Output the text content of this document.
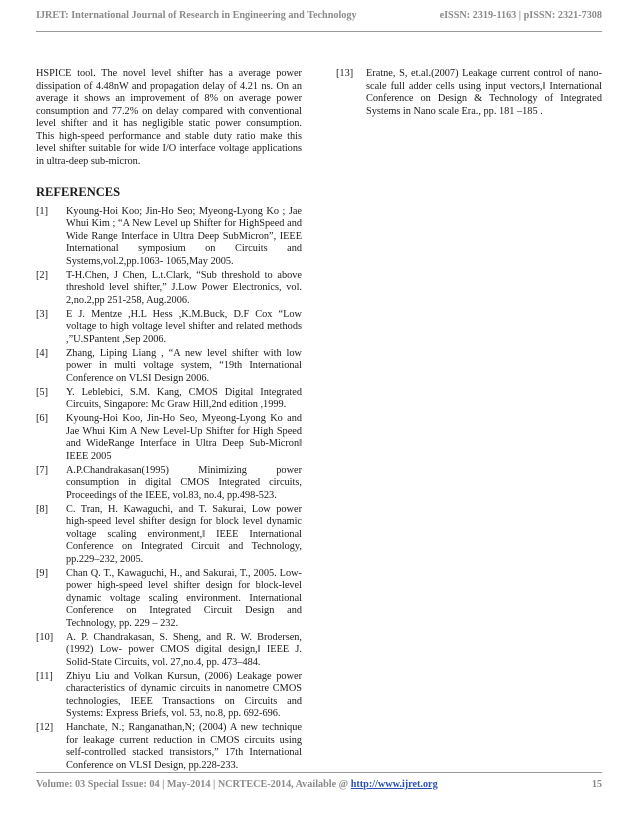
IJRET: International Journal of Research in Engineering and Technology	eISSN: 2319-1163 | pISSN: 2321-7308

HSPICE tool. The novel level shifter has a average power dissipation of 4.48nW and propagation delay of 4.21 ns. On an average it shows an improvement of 8% on average power consumption and 77.2% on delay compared with conventional level shifter and it has negligible static power consumption. This high-speed performance and stable duty ratio make this level shifter suitable for wide I/O interface voltage applications in ultra-deep sub-micron.

REFERENCES
[1]	Kyoung-Hoi Koo; Jin-Ho Seo; Myeong-Lyong Ko ; Jae Whui Kim ; “A New Level up Shifter for HighSpeed and Wide Range Interface in Ultra Deep SubMicron”, IEEE International symposium on Circuits and Systems,vol.2,pp.1063- 1065,May 2005.
[2]	T-H.Chen, J Chen, L.t.Clark, “Sub threshold to above threshold level shifter,” J.Low Power Electronics, vol. 2,no.2,pp 251-258, Aug.2006.
[3]	E J. Mentze ,H.L Hess ,K.M.Buck, D.F Cox “Low voltage to high voltage level shifter and related methods ,”U.SPantent ,Sep 2006.
[4]	Zhang, Liping Liang , “A new level shifter with low power in multi voltage system, “19th International Conference on VLSI Design 2006.
[5]	Y. Leblebici, S.M. Kang, CMOS Digital Integrated Circuits, Singapore: Mc Graw Hill,2nd edition ,1999.
[6]	Kyoung-Hoi Koo, Jin-Ho Seo, Myeong-Lyong Ko and Jae Whui Kim A New Level-Up Shifter for High Speed and WideRange Interface in Ultra Deep Sub-Micronǁ IEEE 2005
[7]	A.P.Chandrakasan(1995) Minimizing power consumption in digital CMOS Integrated circuits, Proceedings of the IEEE, vol.83, no.4, pp.498-523.
[8]	C. Tran, H. Kawaguchi, and T. Sakurai, Low power high-speed level shifter design for block level dynamic voltage scaling environment,ǁ IEEE International Conference on Integrated Circuit and Technology, pp.229–232, 2005.
[9]	Chan Q. T., Kawaguchi, H., and Sakurai, T., 2005. Low-power high-speed level shifter design for block-level dynamic voltage scaling environment. International Conference on Integrated Circuit Design and Technology, pp. 229 – 232.
[10]	A. P. Chandrakasan, S. Sheng, and R. W. Brodersen,(1992) Low- power CMOS digital design,ǁ IEEE J. Solid-State Circuits, vol. 27,no.4, pp. 473–484.
[11]	Zhiyu Liu and Volkan Kursun, (2006) Leakage power characteristics of dynamic circuits in nanometre CMOS technologies, IEEE Transactions on Circuits and Systems: Express Briefs, vol. 53, no.8, pp. 692-696.
[12]	Hanchate, N.; Ranganathan,N; (2004) A new technique for leakage current reduction in CMOS circuits using self-controlled stacked transistors,” 17th International Conference on VLSI Design, pp.228-233.
[13]	Eratne, S, et.al.(2007) Leakage current control of nano-scale full adder cells using input vectors,ǁ International Conference on Design & Technology of Integrated Systems in Nano scale Era., pp. 181 –185 .
Volume: 03 Special Issue: 04 | May-2014 | NCRTECE-2014, Available @ http://www.ijret.org	15
